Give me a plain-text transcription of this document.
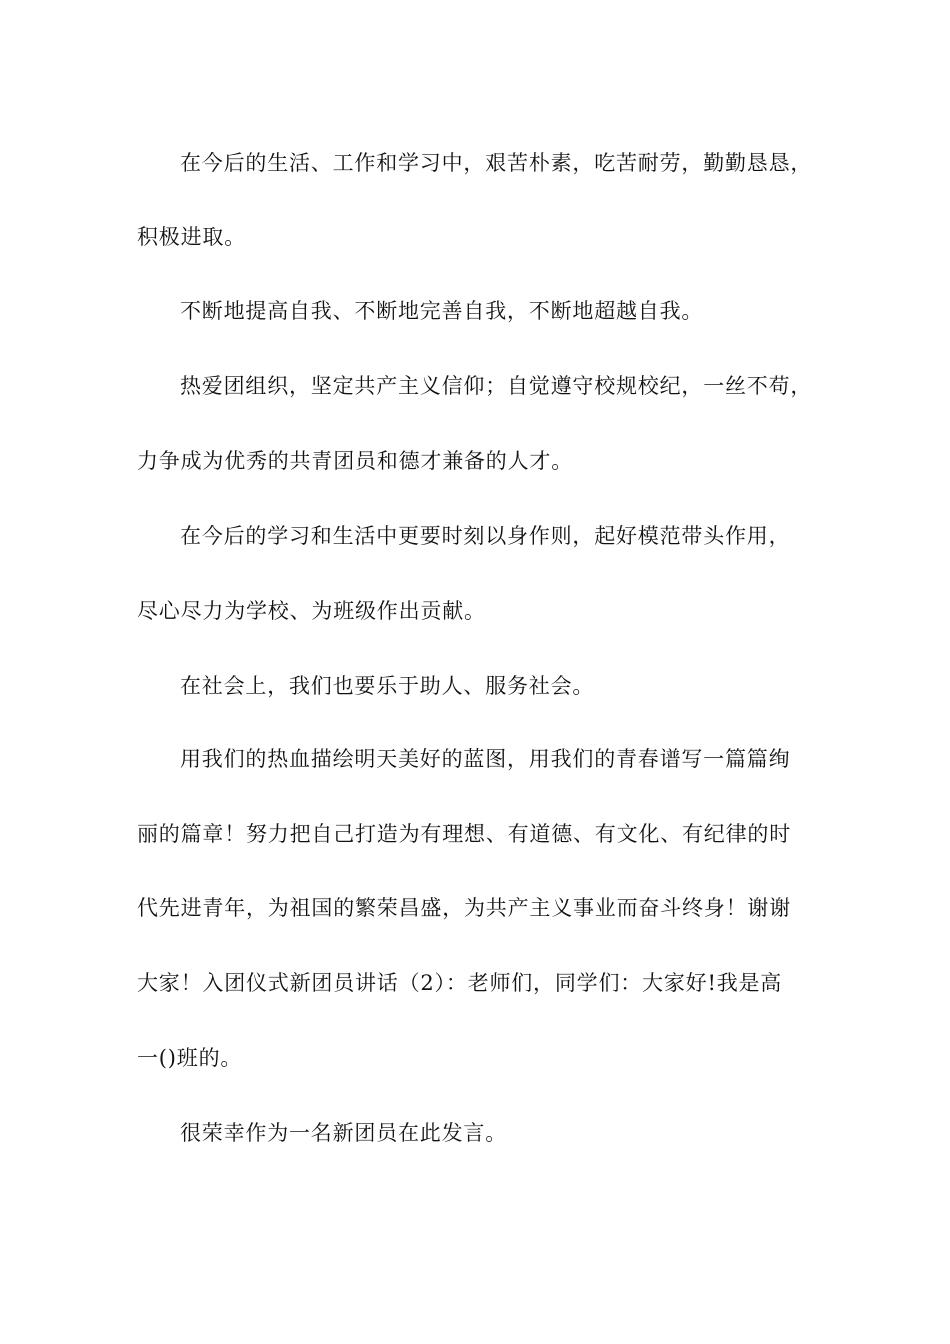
在今后的生活、工作和学习中，艰苦朴素，吃苦耐劳，勤勤恳恳，
积极进取。
不断地提高自我、不断地完善自我，不断地超越自我。
热爱团组织，坚定共产主义信仰；自觉遵守校规校纪，一丝不苟，
力争成为优秀的共青团员和德才兼备的人才。
在今后的学习和生活中更要时刻以身作则，起好模范带头作用，
尽心尽力为学校、为班级作出贡献。
在社会上，我们也要乐于助人、服务社会。
用我们的热血描绘明天美好的蓝图，用我们的青春谱写一篇篇绚
丽的篇章！努力把自己打造为有理想、有道德、有文化、有纪律的时
代先进青年，为祖国的繁荣昌盛，为共产主义事业而奋斗终身！谢谢
大家！入团仪式新团员讲话（2）：老师们，同学们：大家好!我是高
一()班的。
很荣幸作为一名新团员在此发言。
